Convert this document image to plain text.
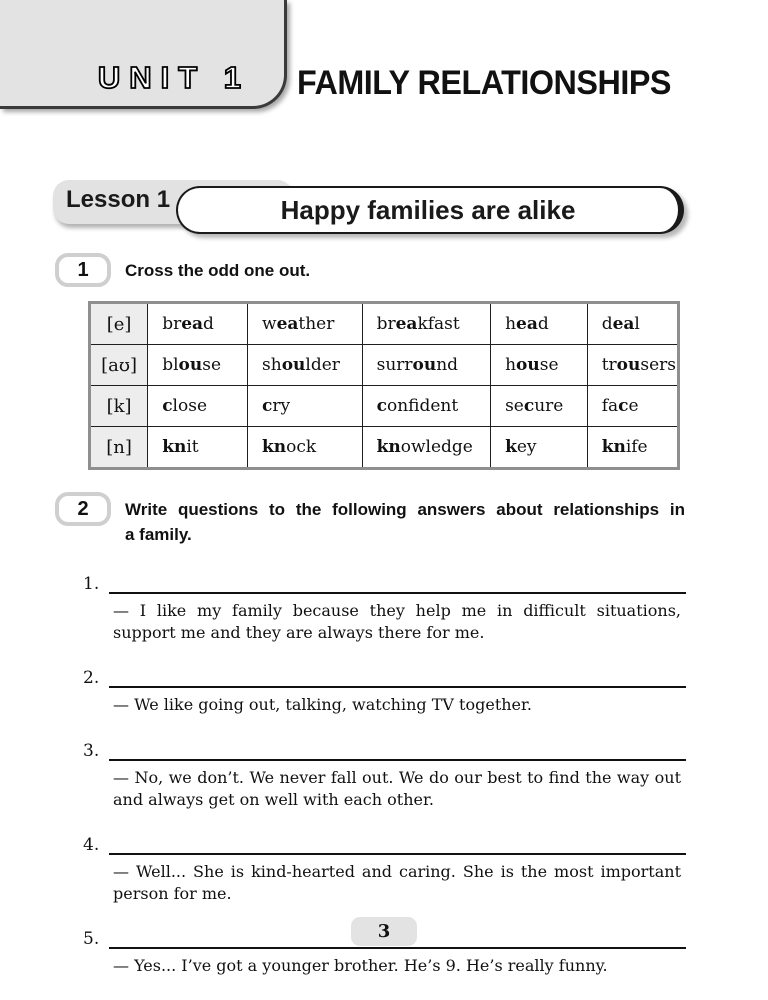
UNIT 1 FAMILY RELATIONSHIPS
Happy families are alike
Lesson 1
1	Cross the odd one out.
[e]	bread	weather	breakfast	head	deal
[aʊ]	blouse	shoulder	surround	house	trousers
[k]	close	cry	confident	secure	face
[n]	knit	knock	knowledge	key	knife
2	Write questions to the following answers about relationships in
a family.
1.
— I like my family because they help me in difficult situations, support me and they are always there for me.
2.
— We like going out, talking, watching TV together.
3.
— No, we don’t. We never fall out. We do our best to find the way out and always get on well with each other.
4.
— Well... She is kind-hearted and caring. She is the most important person for me.
5.
— Yes... I’ve got a younger brother. He’s 9. He’s really funny.
3
